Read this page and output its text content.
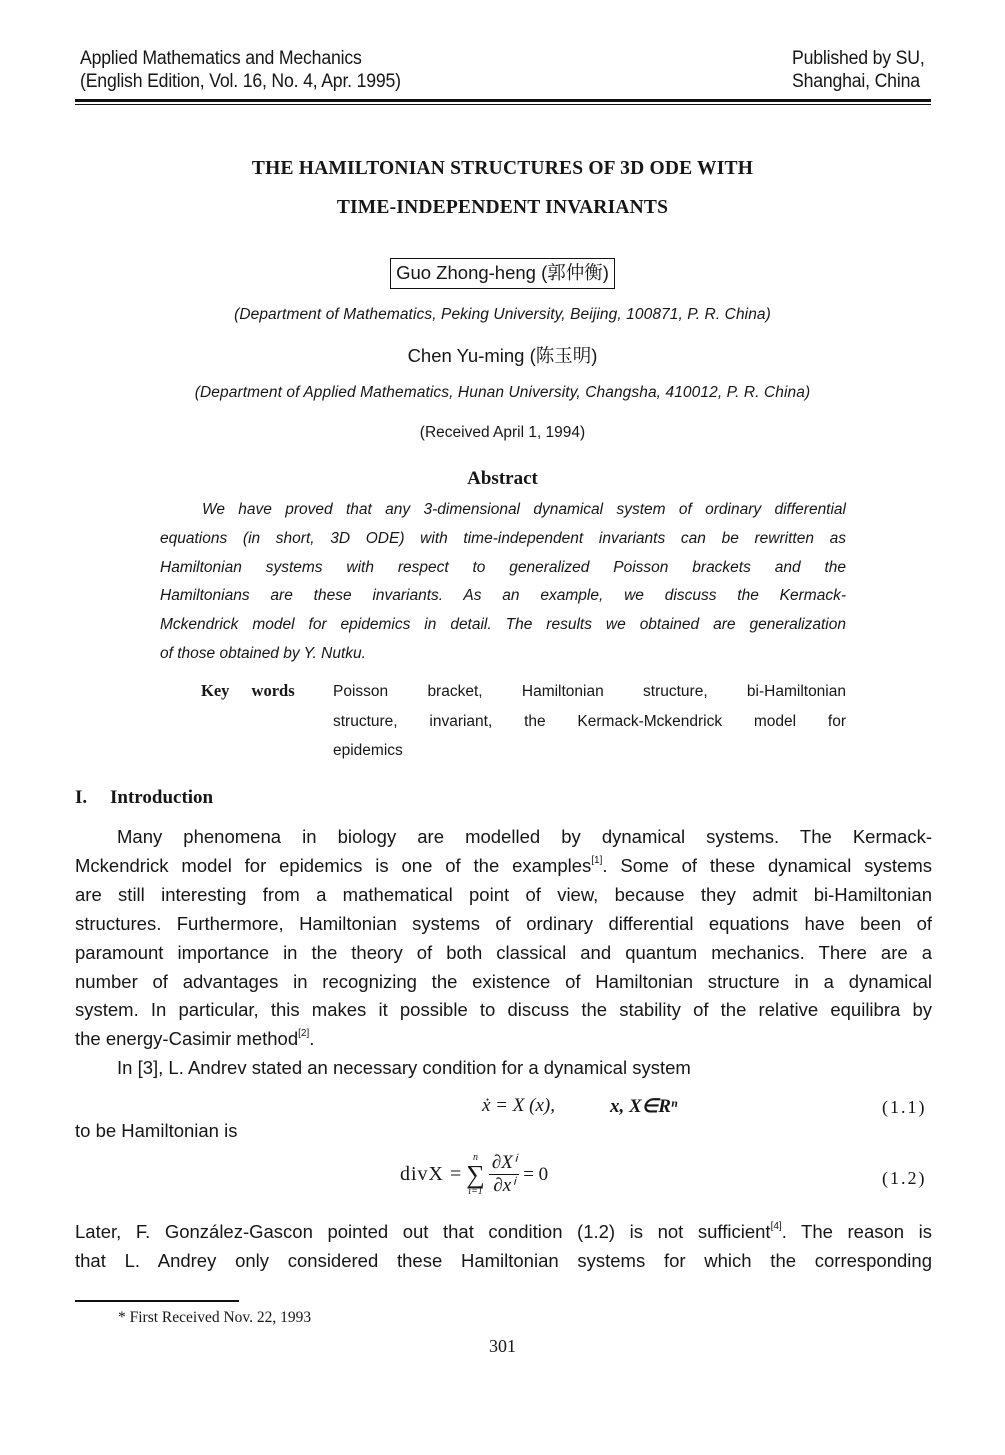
Applied Mathematics and Mechanics
(English Edition, Vol. 16, No. 4, Apr. 1995)
Published by SU,
Shanghai, China
THE HAMILTONIAN STRUCTURES OF 3D ODE WITH
TIME-INDEPENDENT INVARIANTS
Guo Zhong-heng (郭仲衡)
(Department of Mathematics, Peking University, Beijing, 100871, P. R. China)
Chen Yu-ming (陈玉明)
(Department of Applied Mathematics, Hunan University, Changsha, 410012, P. R. China)
(Received April 1, 1994)
Abstract
We have proved that any 3-dimensional dynamical system of ordinary differential
equations (in short, 3D ODE) with time-independent invariants can be rewritten as
Hamiltonian systems with respect to generalized Poisson brackets and the
Hamiltonians are these invariants. As an example, we discuss the Kermack-
Mckendrick model for epidemics in detail. The results we obtained are generalization
of those obtained by Y. Nutku.
Key words Poisson bracket, Hamiltonian structure, bi-Hamiltonian
structure, invariant, the Kermack-Mckendrick model for
epidemics
I. Introduction
Many phenomena in biology are modelled by dynamical systems. The Kermack-
Mckendrick model for epidemics is one of the examples[1]. Some of these dynamical systems
are still interesting from a mathematical point of view, because they admit bi-Hamiltonian
structures. Furthermore, Hamiltonian systems of ordinary differential equations have been of
paramount importance in the theory of both classical and quantum mechanics. There are a
number of advantages in recognizing the existence of Hamiltonian structure in a dynamical
system. In particular, this makes it possible to discuss the stability of the relative equilibra by
the energy-Casimir method[2].
In [3], L. Andrev stated an necessary condition for a dynamical system
ẋ = X (x),	x, X∈Rⁿ	(1.1)
to be Hamiltonian is
divX =
n
∑
$i=1 \frac{\text{∂Xⁱ}}{\text{∂xⁱ}} = 0$	(1.2)
Later, F. González-Gascon pointed out that condition (1.2) is not sufficient[4]. The reason is
that L. Andrey only considered these Hamiltonian systems for which the corresponding
* First Received Nov. 22, 1993
301
